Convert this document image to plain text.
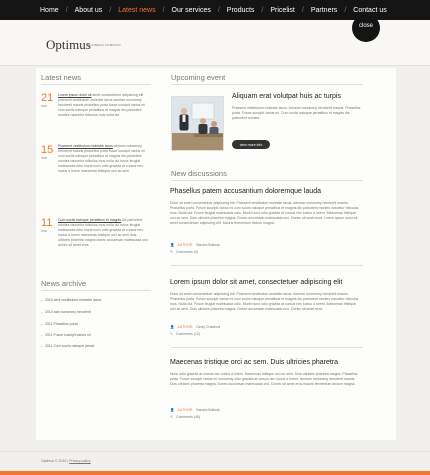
Home	/	About us	/	Latest news	/	Our services	/	Products	/	Pricelist	/	Partners	/	Contact us
close
Optimus
BUSINESS COMPANY
Latest news
21
mar
Lorem ipsum dolor sit amet consectetuer adipiscing elit praesent vestibulum molestie lacus aenean nonummy hendrerit mauris phasellus porta fusce suscipit varius mi cum sociis natoque penatibus et magnis dis parturient montes nascetur ridiculus mus nulla dui
15
mar
Praesent vestibulum molestie lacus aenean nonummy hendrerit mauris phasellus porta fusce suscipit varius mi cum sociis natoque penatibus et magnis dis parturient montes nascetur ridiculus mus nulla dui fusce feugiat malesuada odio morbi nunc odio gravida at cursus nec luctus a lorem maecenas tristique orci ac sem
11
mar
Cum sociis natoque penatibus et magnis dis parturient montes nascetur ridiculus mus nulla dui fusce feugiat malesuada odio morbi nunc odio gravida at cursus nec luctus a lorem maecenas tristique orci ac sem duis ultricies pharetra magna donec accumsan malesuada orci donec sit amet eros
News archive
› 2010 sent vestibulum molestie lacus
› 2010 aan nonummy hendrerit
› 2011 Phasellus porta
› 2011 Fusce suscipit varius mi
› 2011 Cum sociis natoque penat
Upcoming event
Aliquam erat volutpat huis ac turpis
Praesent vestibulum molestie lacus. Aenean nonummy hendrerit mauris. Phasellus porta. Fusce suscipit varius mi. Cum sociis natoque penatibus et magnis dis parturient montes.
view more info
New discussions
Phasellus patem accusantium doloremque lauda
Dolor sit amet consectetuer adipiscing elit. Praesent vestibulum molestie lacus. Aenean nonummy hendrerit mauris. Phasellus porta. Fusce suscipit varius mi cum sociis natoque penatibus et magnis dis parturient montes nascetur ridiculus mus. Nulla dui. Fusce feugiat malesuada odio. Morbi nunc odio gravida at cursus nec luctus a lorem. Maecenas tristique orci ac sem. Duis ultricies pharetra magna. Donec accumsan malesuada orci. Donec sit amet eros. Lorem ipsum dolor sit amet consectetuer adipiscing elit. Mauris fermentum dictum magna.
👤 AUTHOR: Sandra Bullock
✎ Comments (0)
Lorem ipsum dolor sit amet, consectetuer adipiscing elit
Dolor sit amet consectetuer adipiscing elit. Praesent vestibulum molestie lacus. Aenean nonummy hendrerit mauris. Phasellus porta. Fusce suscipit varius mi cum sociis natoque penatibus et magnis dis parturient montes nascetur ridiculus mus. Nulla dui. Fusce feugiat malesuada odio. Morbi nunc odio gravida at cursus nec luctus a lorem. Maecenas tristique orci ac sem. Duis ultricies pharetra magna. Donec accumsan malesuada orci. Donec sit amet eros.
👤 AUTHOR: Cindy Crawford
✎ Comments (12)
Maecenas tristique orci ac sem. Duis ultricies pharetra
Nunc odio gravida at cursus nec luctus a lorem. Maecenas tristique orci ac sem. Duis ultricies pharetra magna. Phasellus porta. Fusce suscipit varius mi nonummy odio gravida at cursus nec luctus a lorem. Aenean nonummy hendrerit mauris. Duis ultricies pharetra magna. Donec accumsan malesuada orci. Donec sit amet eros mauris fermentum dictum magna.
👤 AUTHOR: Sandra Bullock
✎ Comments (45)
Optimus © 2010 | Privacy policy
